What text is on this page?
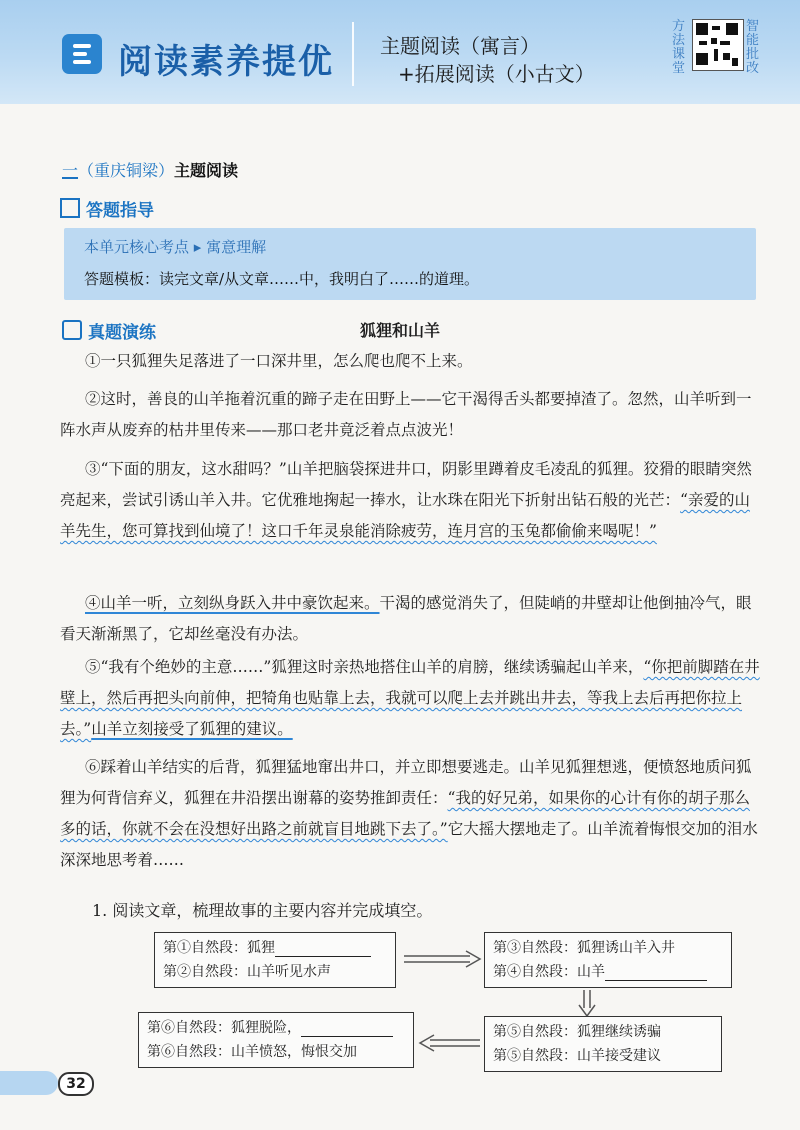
阅读素养提优 主题阅读（寓言）
+拓展阅读（小古文）
方法课堂
智能批改
一（重庆铜梁）主题阅读
答题指导
本单元核心考点 ▸ 寓意理解
答题模板：读完文章/从文章……中，我明白了……的道理。
真题演练	狐狸和山羊

①一只狐狸失足落进了一口深井里，怎么爬也爬不上来。

②这时，善良的山羊拖着沉重的蹄子走在田野上——它干渴得舌头都要掉渣了。忽然，山羊听到一阵水声从废弃的枯井里传来——那口老井竟泛着点点波光！

③“下面的朋友，这水甜吗？”山羊把脑袋探进井口，阴影里蹲着皮毛凌乱的狐狸。狡猾的眼睛突然亮起来，尝试引诱山羊入井。它优雅地掬起一捧水，让水珠在阳光下折射出钻石般的光芒：“亲爱的山羊先生，您可算找到仙境了！这口千年灵泉能消除疲劳，连月宫的玉兔都偷偷来喝呢！”

④山羊一听，立刻纵身跃入井中豪饮起来。干渴的感觉消失了，但陡峭的井壁却让他倒抽冷气，眼看天渐渐黑了，它却丝毫没有办法。

⑤“我有个绝妙的主意……”狐狸这时亲热地搭住山羊的肩膀，继续诱骗起山羊来，“你把前脚踏在井壁上，然后再把头向前伸，把犄角也贴靠上去，我就可以爬上去并跳出井去，等我上去后再把你拉上去。”山羊立刻接受了狐狸的建议。

⑥踩着山羊结实的后背，狐狸猛地窜出井口，并立即想要逃走。山羊见狐狸想逃，便愤怒地质问狐狸为何背信弃义，狐狸在井沿摆出谢幕的姿势推卸责任：“我的好兄弟，如果你的心计有你的胡子那么多的话，你就不会在没想好出路之前就盲目地跳下去了。”它大摇大摆地走了。山羊流着悔恨交加的泪水深深地思考着……

1. 阅读文章，梳理故事的主要内容并完成填空。
第①自然段：狐狸
第②自然段：山羊听见水声
第③自然段：狐狸诱山羊入井
第④自然段：山羊
第⑤自然段：狐狸继续诱骗
第⑤自然段：山羊接受建议
第⑥自然段：狐狸脱险，
第⑥自然段：山羊愤怒，悔恨交加
32
